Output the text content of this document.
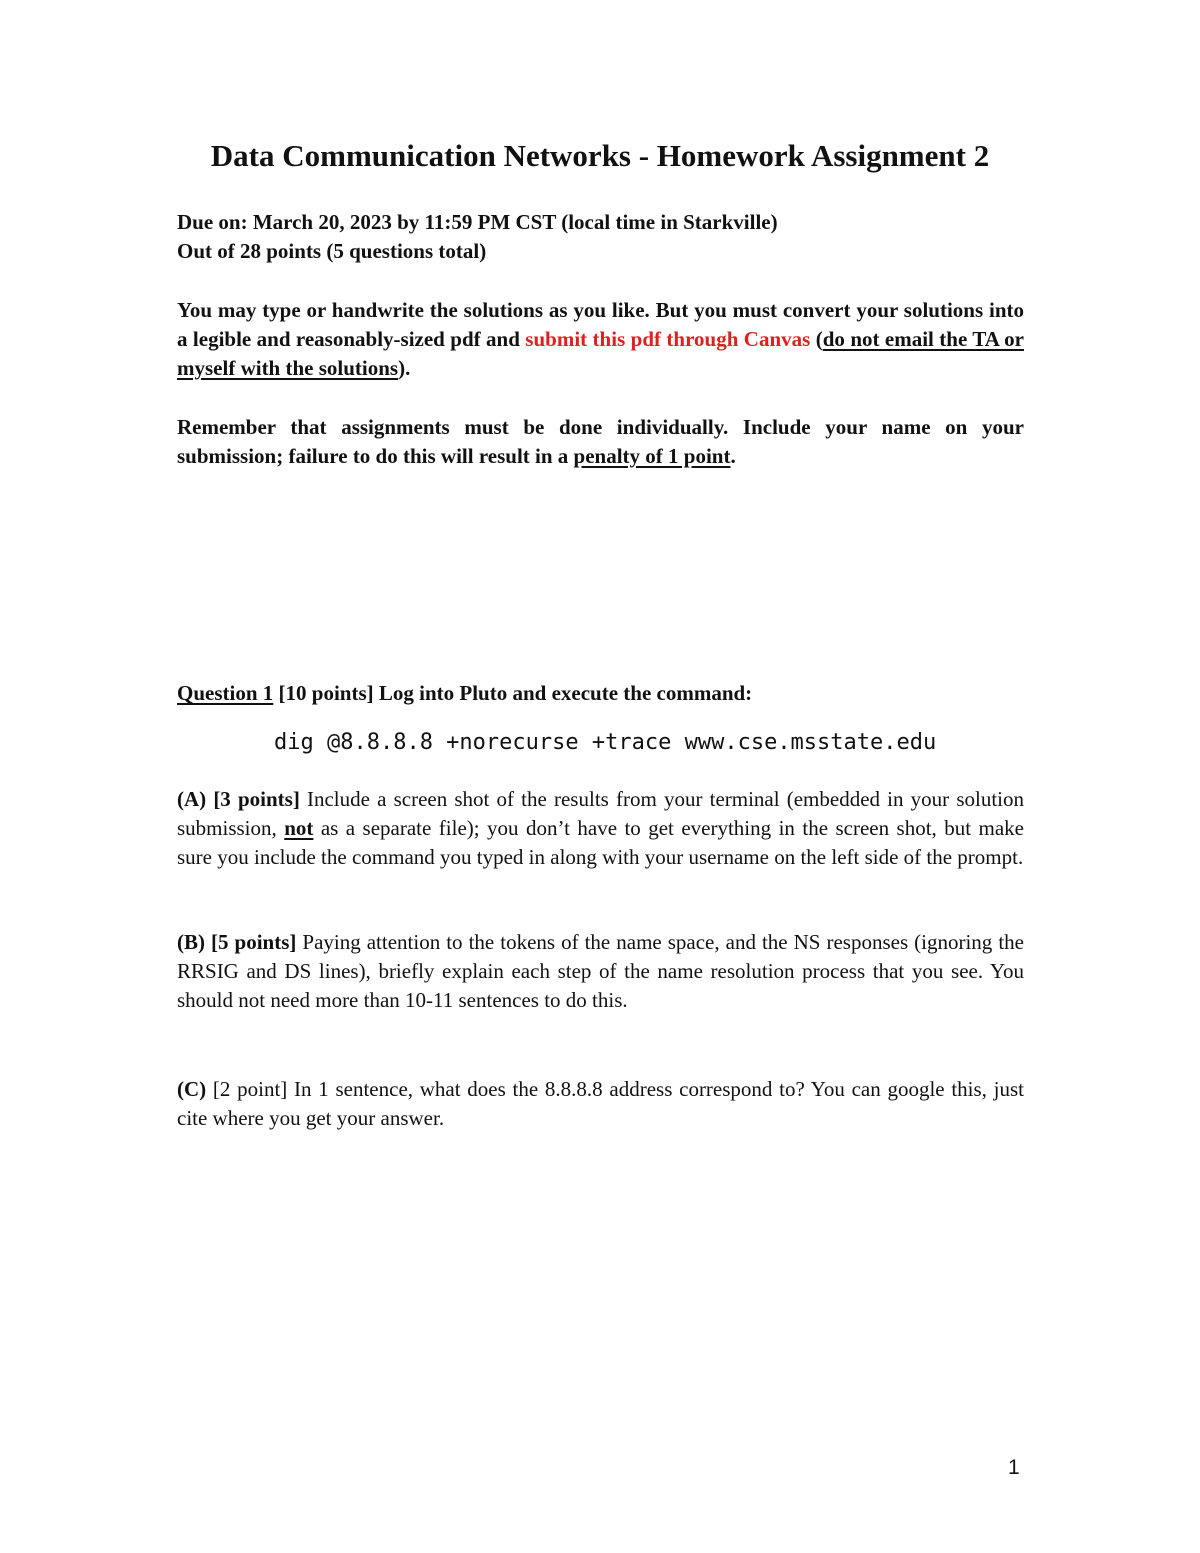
Data Communication Networks - Homework Assignment 2

Due on: March 20, 2023 by 11:59 PM CST (local time in Starkville)

Out of 28 points (5 questions total)

You may type or handwrite the solutions as you like. But you must convert your solutions into a legible and reasonably-sized pdf and submit this pdf through Canvas (do not email the TA or myself with the solutions).

Remember that assignments must be done individually. Include your name on your submission; failure to do this will result in a penalty of 1 point.

Question 1 [10 points] Log into Pluto and execute the command:

dig @8.8.8.8 +norecurse +trace www.cse.msstate.edu

(A) [3 points] Include a screen shot of the results from your terminal (embedded in your solution submission, not as a separate file); you don’t have to get everything in the screen shot, but make sure you include the command you typed in along with your username on the left side of the prompt.

(B) [5 points] Paying attention to the tokens of the name space, and the NS responses (ignoring the RRSIG and DS lines), briefly explain each step of the name resolution process that you see. You should not need more than 10-11 sentences to do this.

(C) [2 point] In 1 sentence, what does the 8.8.8.8 address correspond to? You can google this, just cite where you get your answer.

1
